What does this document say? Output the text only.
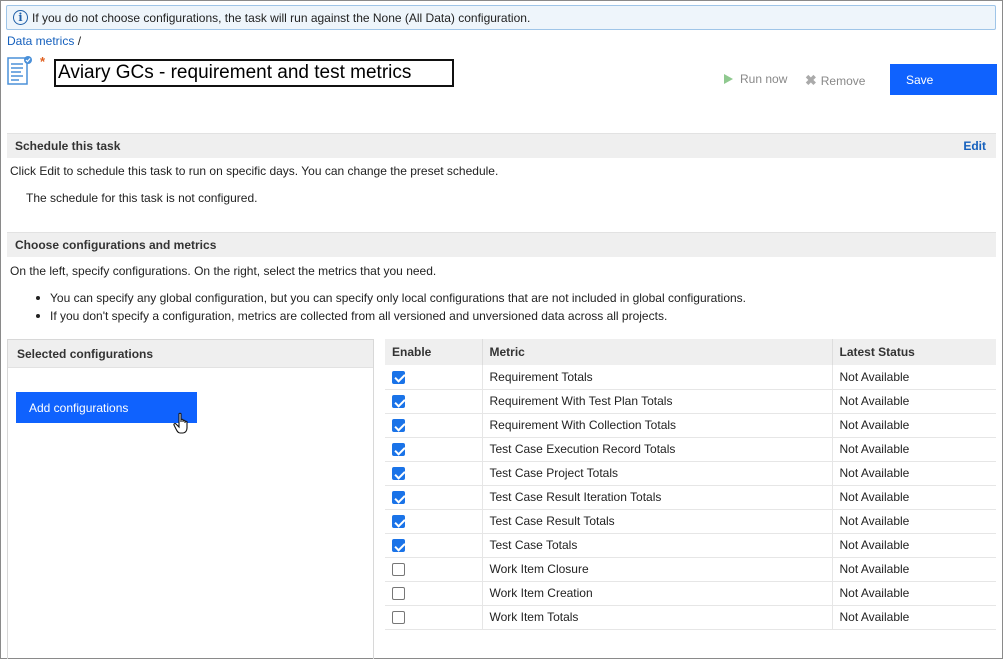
i If you do not choose configurations, the task will run against the None (All Data) configuration.
Data metrics /
*
Aviary GCs - requirement and test metrics
Run now ✖ Remove	Save
Schedule this task	Edit
Click Edit to schedule this task to run on specific days. You can change the preset schedule.
The schedule for this task is not configured.
Choose configurations and metrics
On the left, specify configurations. On the right, select the metrics that you need.
You can specify any global configuration, but you can specify only local configurations that are not included in global configurations.
If you don't specify a configuration, metrics are collected from all versioned and unversioned data across all projects.
Selected configurations
Add configurations
Enable	Metric	Latest Status
	Requirement Totals	Not Available
	Requirement With Test Plan Totals	Not Available
	Requirement With Collection Totals	Not Available
	Test Case Execution Record Totals	Not Available
	Test Case Project Totals	Not Available
	Test Case Result Iteration Totals	Not Available
	Test Case Result Totals	Not Available
	Test Case Totals	Not Available
	Work Item Closure	Not Available
	Work Item Creation	Not Available
	Work Item Totals	Not Available
